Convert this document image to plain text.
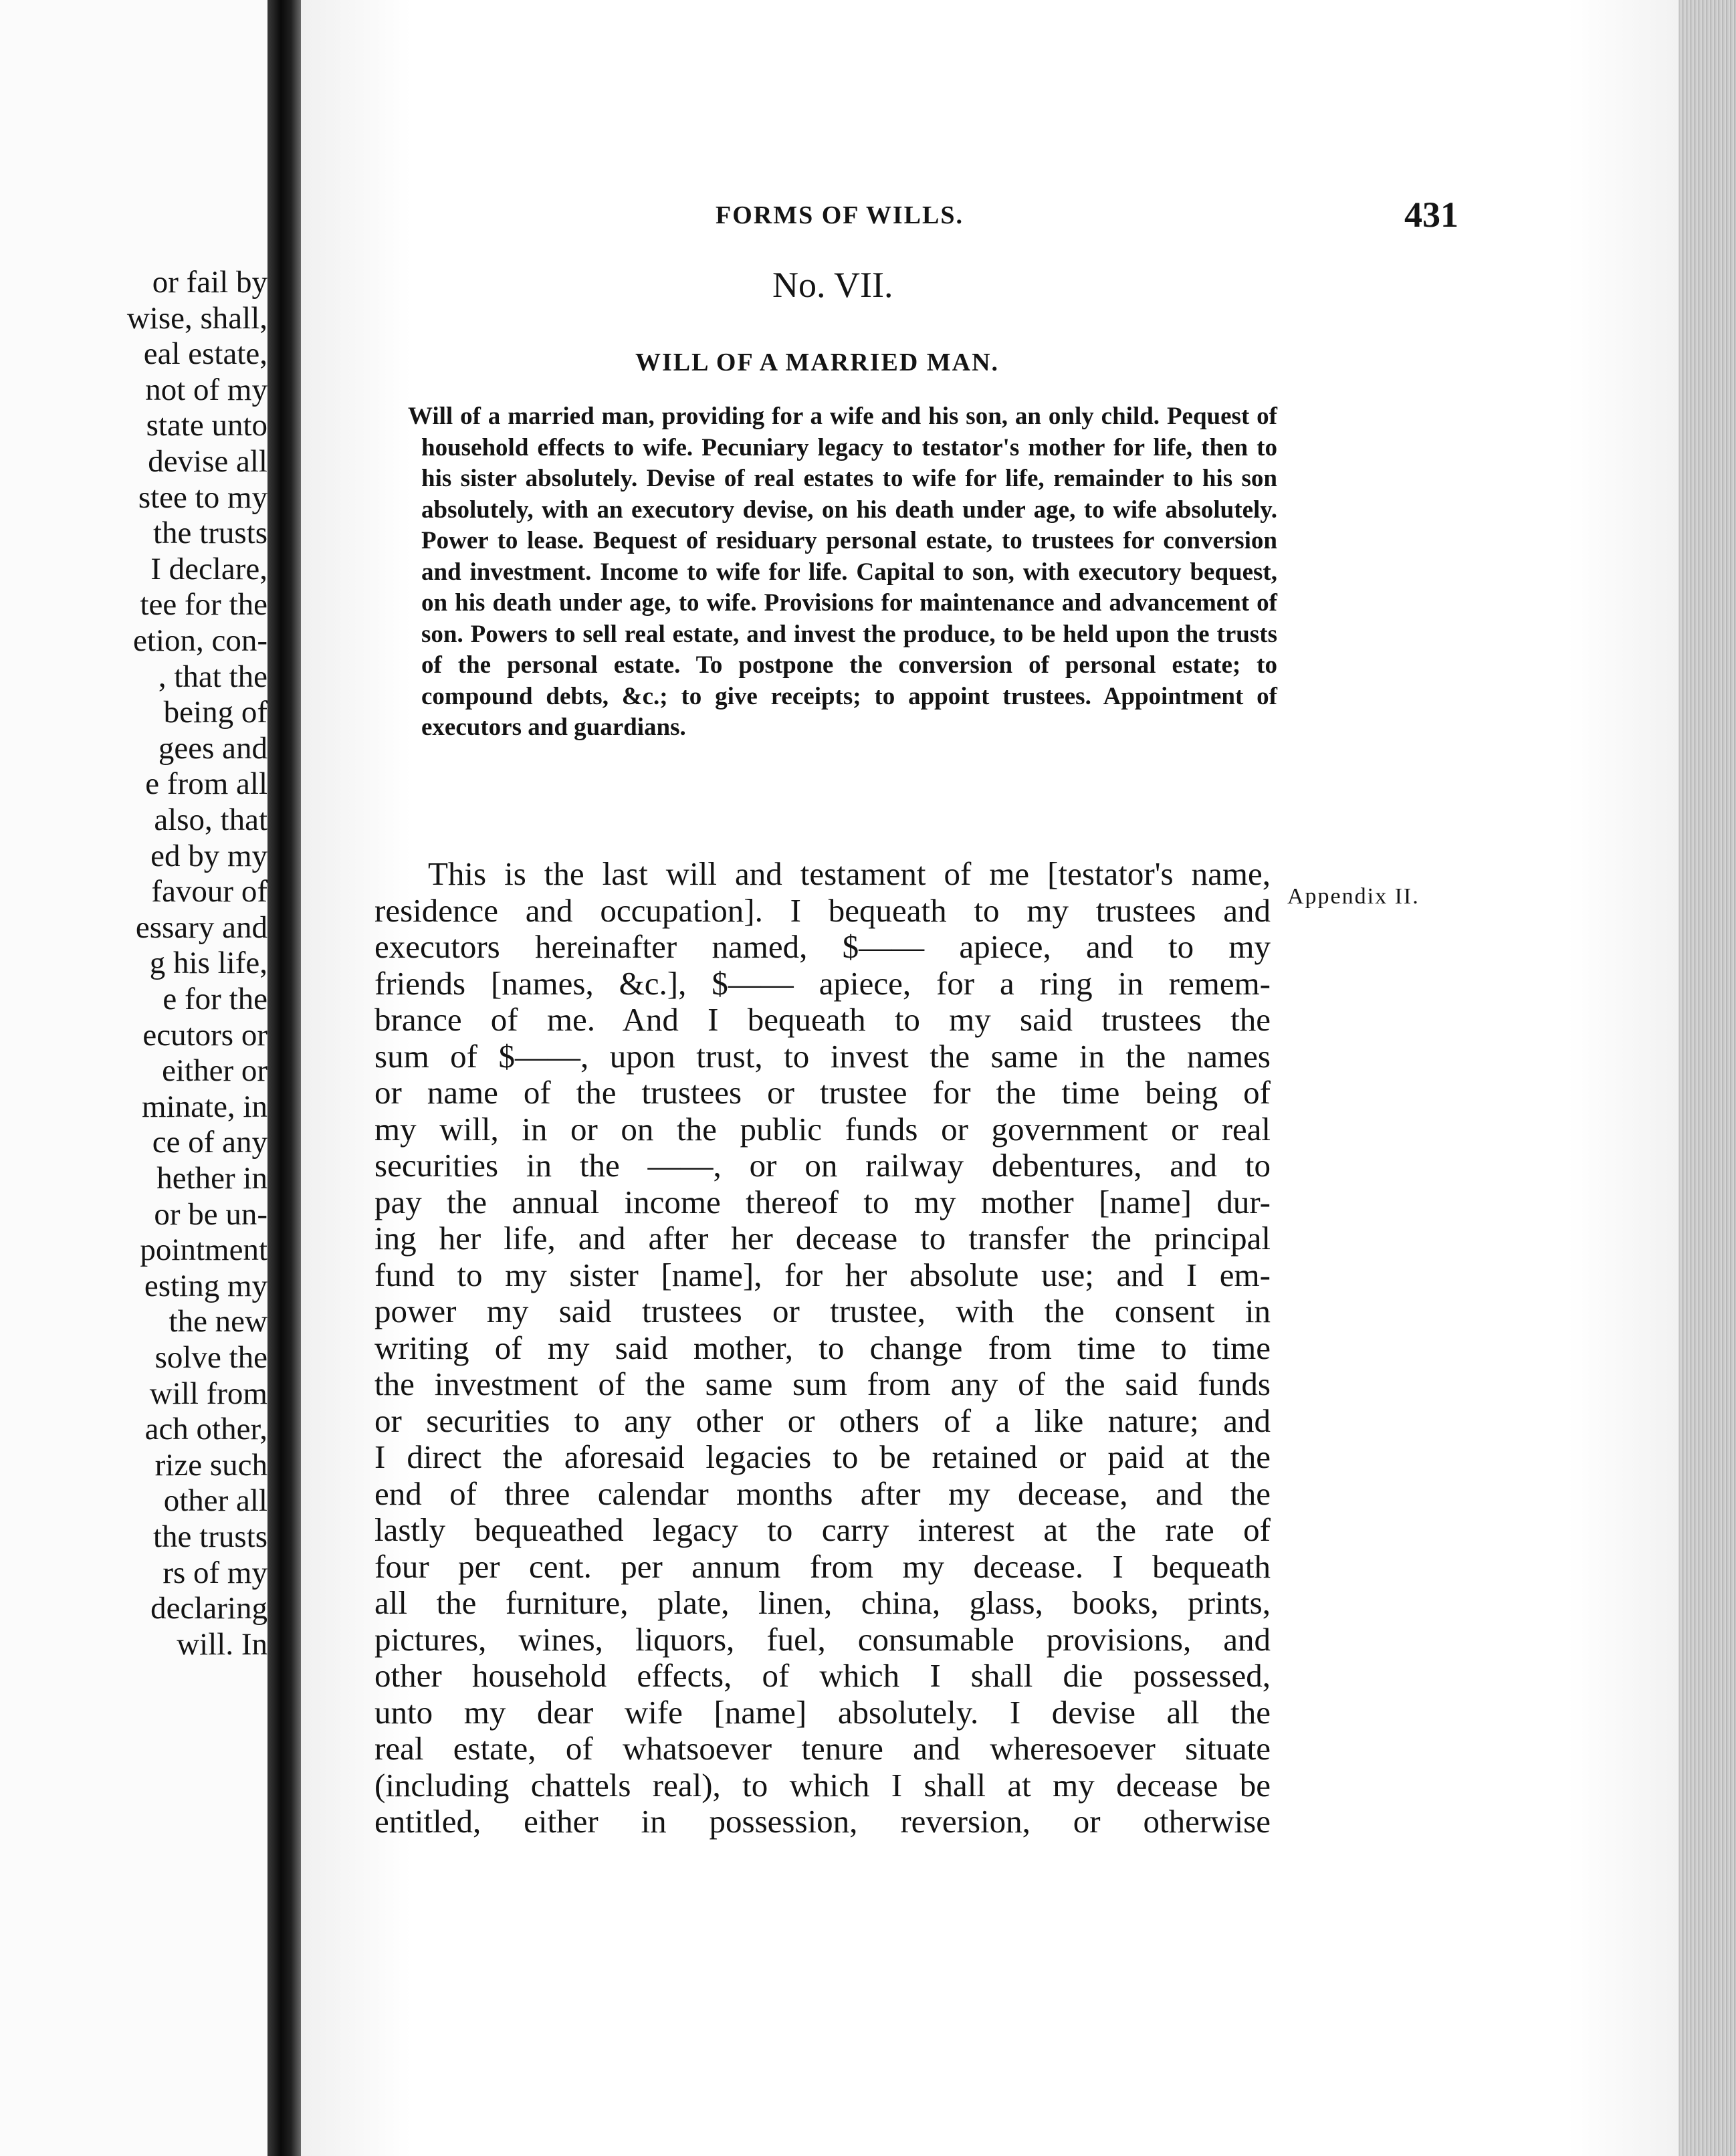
or fail by
wise, shall,
eal estate,
not of my
state unto
devise all
stee to my
the trusts
I declare,
tee for the
etion, con-
, that the
being of
gees and
e from all
also, that
ed by my
favour of
essary and
g his life,
e for the
ecutors or
either or
minate, in
ce of any
hether in
or be un-
pointment
esting my
the new
solve the
will from
ach other,
rize such
other all
the trusts
rs of my
declaring
will. In
FORMS OF WILLS.	431
No. VII.
WILL OF A MARRIED MAN.
Will of a married man, providing for a wife and his son, an only child. Pequest of household effects to wife. Pecuniary legacy to testator's mother for life, then to his sister absolutely. Devise of real estates to wife for life, remainder to his son absolutely, with an executory devise, on his death under age, to wife absolutely. Power to lease. Bequest of residuary personal estate, to trustees for conversion and investment. Income to wife for life. Capital to son, with executory bequest, on his death under age, to wife. Provisions for maintenance and advancement of son. Powers to sell real estate, and invest the produce, to be held upon the trusts of the personal estate. To postpone the conversion of personal estate; to compound debts, &c.; to give receipts; to appoint trustees. Appointment of executors and guardians.
Appendix II.
This is the last will and testament of me [testator's name,
residence and occupation]. I bequeath to my trustees and
executors hereinafter named, $—— apiece, and to my
friends [names, &c.], $—— apiece, for a ring in remem-
brance of me. And I bequeath to my said trustees the
sum of $——, upon trust, to invest the same in the names
or name of the trustees or trustee for the time being of
my will, in or on the public funds or government or real
securities in the ——, or on railway debentures, and to
pay the annual income thereof to my mother [name] dur-
ing her life, and after her decease to transfer the principal
fund to my sister [name], for her absolute use; and I em-
power my said trustees or trustee, with the consent in
writing of my said mother, to change from time to time
the investment of the same sum from any of the said funds
or securities to any other or others of a like nature; and
I direct the aforesaid legacies to be retained or paid at the
end of three calendar months after my decease, and the
lastly bequeathed legacy to carry interest at the rate of
four per cent. per annum from my decease. I bequeath
all the furniture, plate, linen, china, glass, books, prints,
pictures, wines, liquors, fuel, consumable provisions, and
other household effects, of which I shall die possessed,
unto my dear wife [name] absolutely. I devise all the
real estate, of whatsoever tenure and wheresoever situate
(including chattels real), to which I shall at my decease be
entitled, either in possession, reversion, or otherwise
